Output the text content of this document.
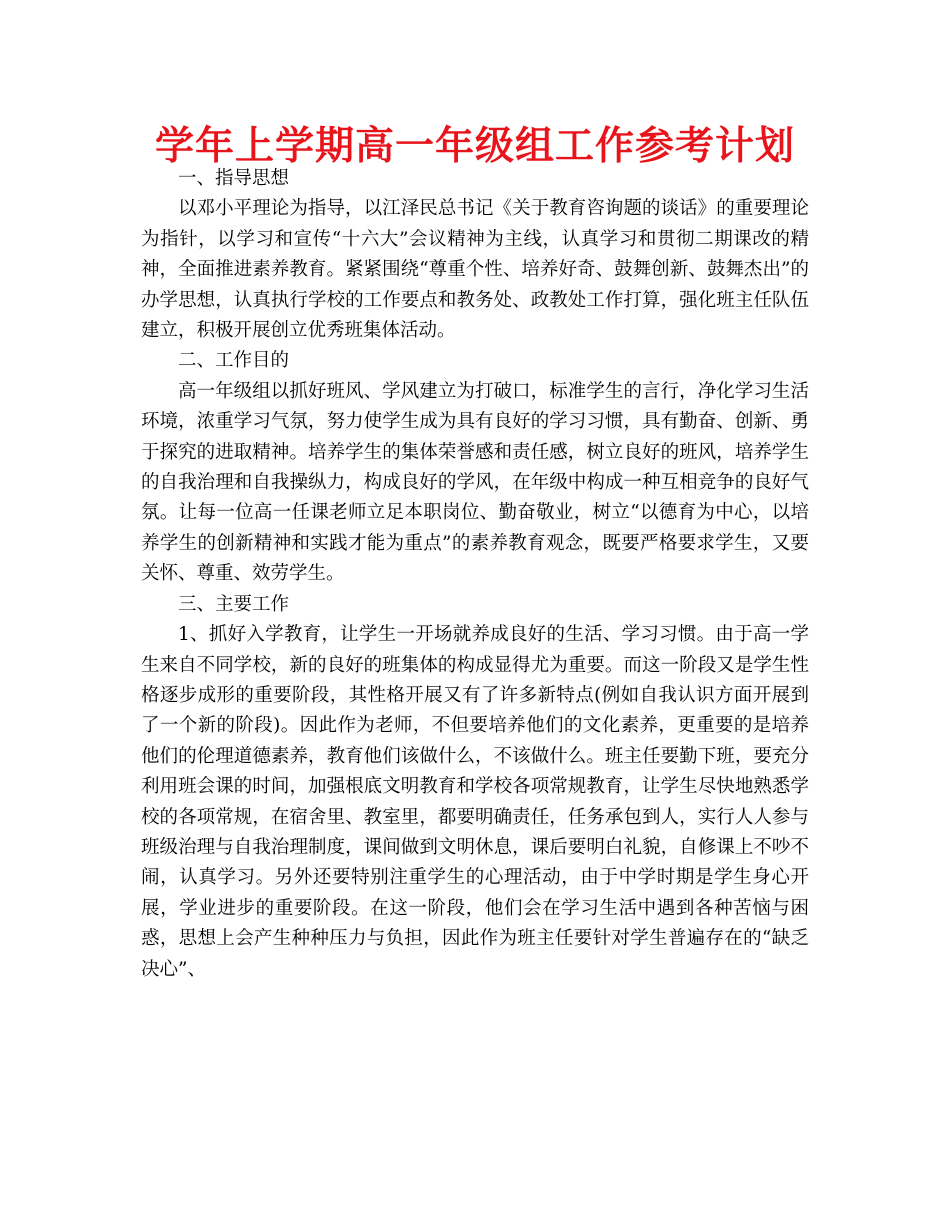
学年上学期高一年级组工作参考计划

一、指导思想

以邓小平理论为指导，以江泽民总书记《关于教育咨询题的谈话》的重要理论为指针，以学习和宣传“十六大”会议精神为主线，认真学习和贯彻二期课改的精神，全面推进素养教育。紧紧围绕“尊重个性、培养好奇、鼓舞创新、鼓舞杰出”的办学思想，认真执行学校的工作要点和教务处、政教处工作打算，强化班主任队伍建立，积极开展创立优秀班集体活动。

二、工作目的

高一年级组以抓好班风、学风建立为打破口，标准学生的言行，净化学习生活环境，浓重学习气氛，努力使学生成为具有良好的学习习惯，具有勤奋、创新、勇于探究的进取精神。培养学生的集体荣誉感和责任感，树立良好的班风，培养学生的自我治理和自我操纵力，构成良好的学风，在年级中构成一种互相竞争的良好气氛。让每一位高一任课老师立足本职岗位、勤奋敬业，树立“以德育为中心，以培养学生的创新精神和实践才能为重点”的素养教育观念，既要严格要求学生，又要关怀、尊重、效劳学生。

三、主要工作

1、抓好入学教育，让学生一开场就养成良好的生活、学习习惯。由于高一学生来自不同学校，新的良好的班集体的构成显得尤为重要。而这一阶段又是学生性格逐步成形的重要阶段，其性格开展又有了许多新特点(例如自我认识方面开展到了一个新的阶段)。因此作为老师，不但要培养他们的文化素养，更重要的是培养他们的伦理道德素养，教育他们该做什么，不该做什么。班主任要勤下班，要充分利用班会课的时间，加强根底文明教育和学校各项常规教育，让学生尽快地熟悉学校的各项常规，在宿舍里、教室里，都要明确责任，任务承包到人，实行人人参与班级治理与自我治理制度，课间做到文明休息，课后要明白礼貌，自修课上不吵不闹，认真学习。另外还要特别注重学生的心理活动，由于中学时期是学生身心开展，学业进步的重要阶段。在这一阶段，他们会在学习生活中遇到各种苦恼与困惑，思想上会产生种种压力与负担，因此作为班主任要针对学生普遍存在的“缺乏决心”、
